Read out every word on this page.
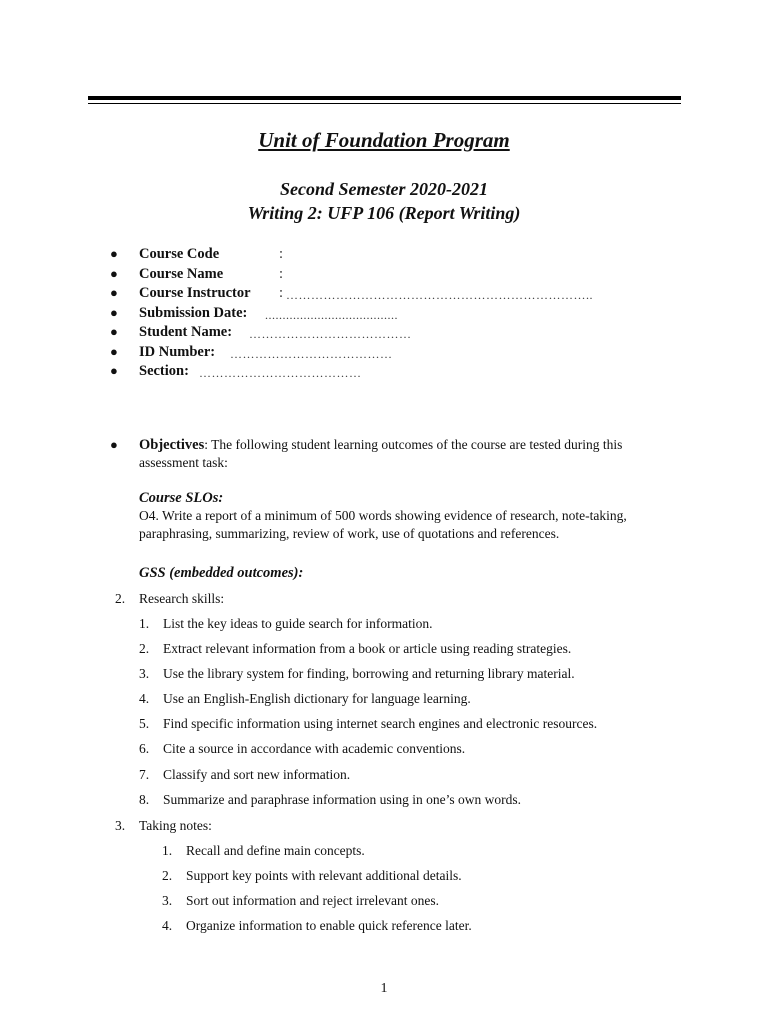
Unit of Foundation Program
Second Semester 2020-2021
Writing 2: UFP 106 (Report Writing)
● Course Code	:
● Course Name	:
● Course Instructor : ………………………………………………………………..
● Submission Date: ......................................
● Student Name: …………………………………
● ID Number: …………………………………
● Section: …………………………………
● Objectives: The following student learning outcomes of the course are tested during this assessment task:
Course SLOs:
O4. Write a report of a minimum of 500 words showing evidence of research, note-taking, paraphrasing, summarizing, review of work, use of quotations and references.
GSS (embedded outcomes):
2. Research skills:
1. List the key ideas to guide search for information.
2. Extract relevant information from a book or article using reading strategies.
3. Use the library system for finding, borrowing and returning library material.
4. Use an English-English dictionary for language learning.
5. Find specific information using internet search engines and electronic resources.
6. Cite a source in accordance with academic conventions.
7. Classify and sort new information.
8. Summarize and paraphrase information using in one’s own words.
3. Taking notes:
1. Recall and define main concepts.
2. Support key points with relevant additional details.
3. Sort out information and reject irrelevant ones.
4. Organize information to enable quick reference later.
1
